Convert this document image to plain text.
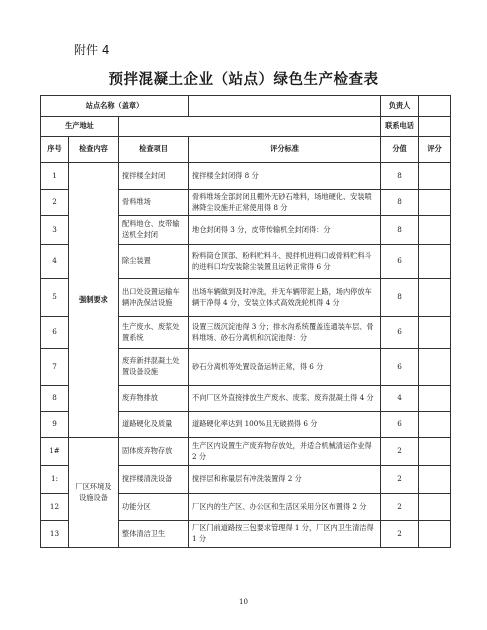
附件 4
预拌混凝土企业（站点）绿色生产检查表
站点名称（盖章）				负责人	
生产地址				联系电话	
序号	检查内容	检查项目	评分标准	分值	评分
1	强制要求	搅拌楼全封闭	搅拌楼全封闭得 8 分	8	
2		骨料堆场	骨料堆场全部封闭且棚外无砂石堆料，场地硬化、安装喷淋降尘设施并正常使用得 8 分	8	
3		配料地仓、皮带输送机全封闭	地仓封闭得 3 分，皮带传输机全封闭得：分	8	
4		除尘装置	粉料筒仓顶部、粉料贮料斗、搅拌机进料口或骨料贮料斗的进料口均安装除尘装置且运转正常得 6 分	6	
5		出口处设置运输车辆冲洗保洁设施	出场车辆做到及时冲洗，并无车辆带泥上路，场内停放车辆干净得 4 分，安装立体式高效洗轮机得 4 分	8	
6		生产废水、废浆处置系统	设置三级沉淀池得 3 分；排水沟系统覆盖连通装车层、骨料堆场、砂石分离机和沉淀池得：分	6	
7		废弃新拌混凝土处置设备设施	砂石分离机等处置设备运转正常，得 6 分	6	
8		废弃物排放	不向厂区外直接排放生产废水、废浆、废弃混凝土得 4 分	4	
9		道路硬化及质量	道路硬化率达到 100%且无破损得 6 分	6	
1#	厂区环境及设施设备	固体废弃物存放	生产区内设置生产废弃物存放处，并适合机械清运作业得 2 分	2	
1:		搅拌楼清洗设备	搅拌层和称量层有冲洗装置得 2 分	2	
12		功能分区	厂区内的生产区、办公区和生活区采用分区布置得 2 分	2	
13		整体清洁卫生	厂区门前道路按三包要求管理得 1 分，厂区内卫生清洁得 1 分	2	
10
